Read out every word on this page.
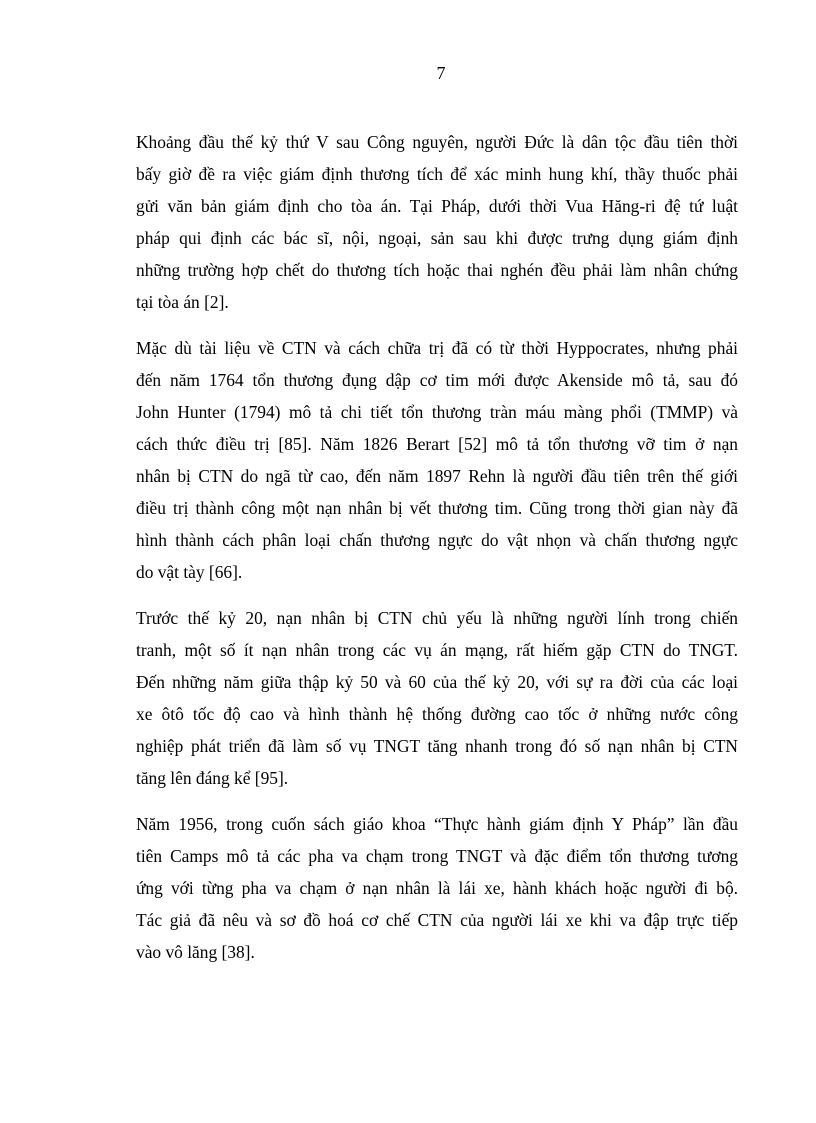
7

Khoảng đầu thế kỷ thứ V sau Công nguyên, người Đức là dân tộc đầu tiên thời
bấy giờ đề ra việc giám định thương tích để xác minh hung khí, thầy thuốc phải
gửi văn bản giám định cho tòa án. Tại Pháp, dưới thời Vua Hăng-ri đệ tứ luật
pháp qui định các bác sĩ, nội, ngoại, sản sau khi được trưng dụng giám định
những trường hợp chết do thương tích hoặc thai nghén đều phải làm nhân chứng
tại tòa án [2].

Mặc dù tài liệu về CTN và cách chữa trị đã có từ thời Hyppocrates, nhưng phải
đến năm 1764 tổn thương đụng dập cơ tim mới được Akenside mô tả, sau đó
John Hunter (1794) mô tả chi tiết tổn thương tràn máu màng phổi (TMMP) và
cách thức điều trị [85]. Năm 1826 Berart [52] mô tả tổn thương vỡ tim ở nạn
nhân bị CTN do ngã từ cao, đến năm 1897 Rehn là người đầu tiên trên thế giới
điều trị thành công một nạn nhân bị vết thương tim. Cũng trong thời gian này đã
hình thành cách phân loại chấn thương ngực do vật nhọn và chấn thương ngực
do vật tày [66].

Trước thế kỷ 20, nạn nhân bị CTN chủ yếu là những người lính trong chiến
tranh, một số ít nạn nhân trong các vụ án mạng, rất hiếm gặp CTN do TNGT.
Đến những năm giữa thập kỷ 50 và 60 của thế kỷ 20, với sự ra đời của các loại
xe ôtô tốc độ cao và hình thành hệ thống đường cao tốc ở những nước công
nghiệp phát triển đã làm số vụ TNGT tăng nhanh trong đó số nạn nhân bị CTN
tăng lên đáng kể [95].

Năm 1956, trong cuốn sách giáo khoa “Thực hành giám định Y Pháp” lần đầu
tiên Camps mô tả các pha va chạm trong TNGT và đặc điểm tổn thương tương
ứng với từng pha va chạm ở nạn nhân là lái xe, hành khách hoặc người đi bộ.
Tác giả đã nêu và sơ đồ hoá cơ chế CTN của người lái xe khi va đập trực tiếp
vào vô lăng [38].
